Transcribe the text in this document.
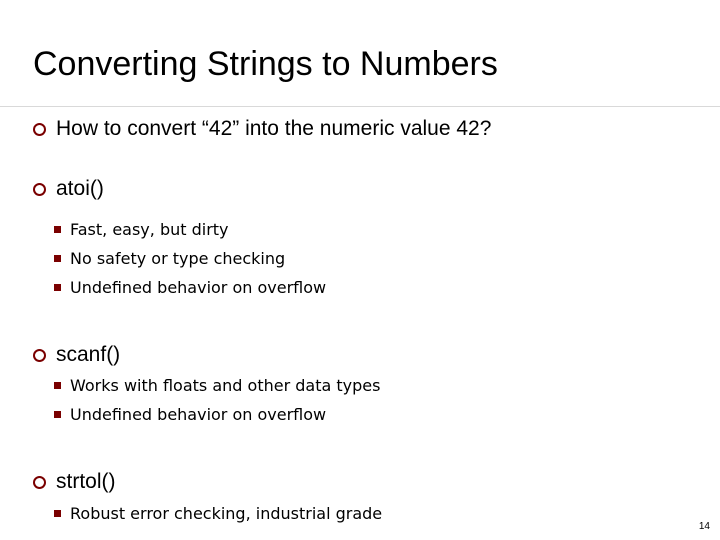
Converting Strings to Numbers
How to convert “42” into the numeric value 42?
atoi()
Fast, easy, but dirty
No safety or type checking
Undefined behavior on overflow
scanf()
Works with floats and other data types
Undefined behavior on overflow
strtol()
Robust error checking, industrial grade
14
